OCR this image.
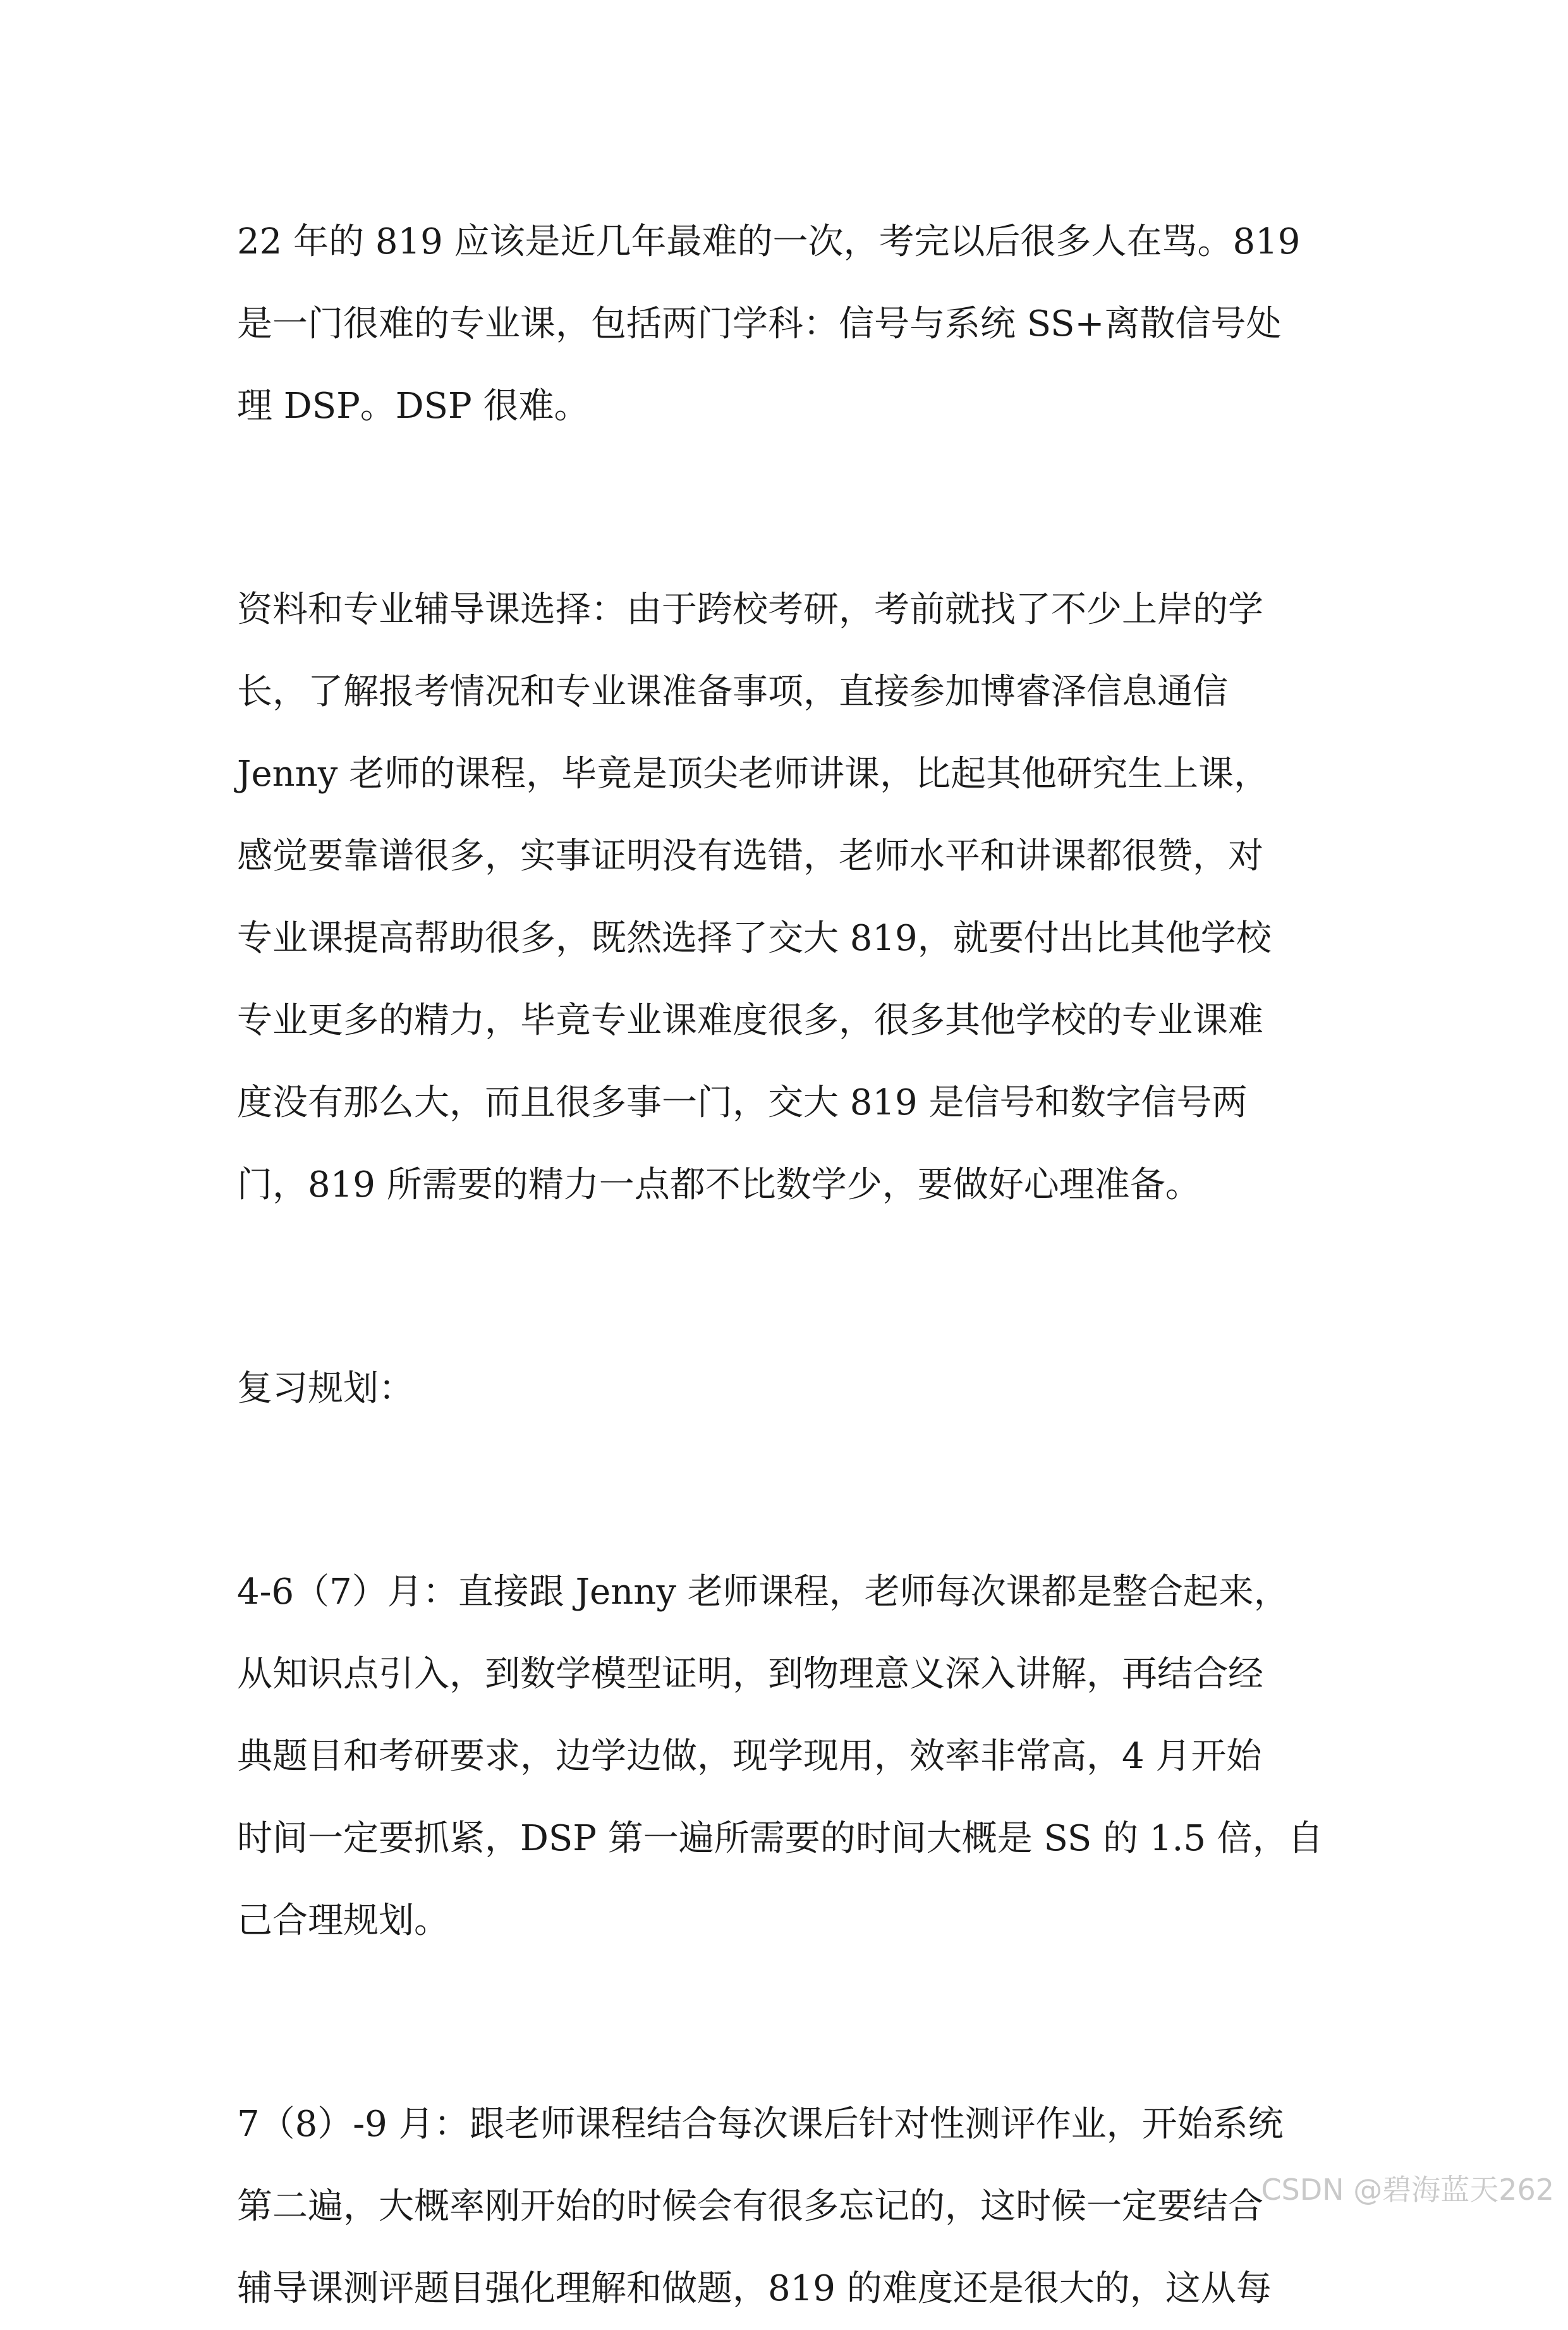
22 年的 819 应该是近几年最难的一次，考完以后很多人在骂。819
是一门很难的专业课，包括两门学科：信号与系统 SS+离散信号处
理 DSP。DSP 很难。

资料和专业辅导课选择：由于跨校考研，考前就找了不少上岸的学
长，了解报考情况和专业课准备事项，直接参加博睿泽信息通信
Jenny 老师的课程，毕竟是顶尖老师讲课，比起其他研究生上课，
感觉要靠谱很多，实事证明没有选错，老师水平和讲课都很赞，对
专业课提高帮助很多，既然选择了交大 819，就要付出比其他学校
专业更多的精力，毕竟专业课难度很多，很多其他学校的专业课难
度没有那么大，而且很多事一门，交大 819 是信号和数字信号两
门，819 所需要的精力一点都不比数学少，要做好心理准备。

复习规划：

4-6（7）月：直接跟 Jenny 老师课程，老师每次课都是整合起来，
从知识点引入，到数学模型证明，到物理意义深入讲解，再结合经
典题目和考研要求，边学边做，现学现用，效率非常高，4 月开始
时间一定要抓紧，DSP 第一遍所需要的时间大概是 SS 的 1.5 倍，自
己合理规划。

7（8）-9 月：跟老师课程结合每次课后针对性测评作业，开始系统
第二遍，大概率刚开始的时候会有很多忘记的，这时候一定要结合
辅导课测评题目强化理解和做题，819 的难度还是很大的，这从每

CSDN @碧海蓝天262
